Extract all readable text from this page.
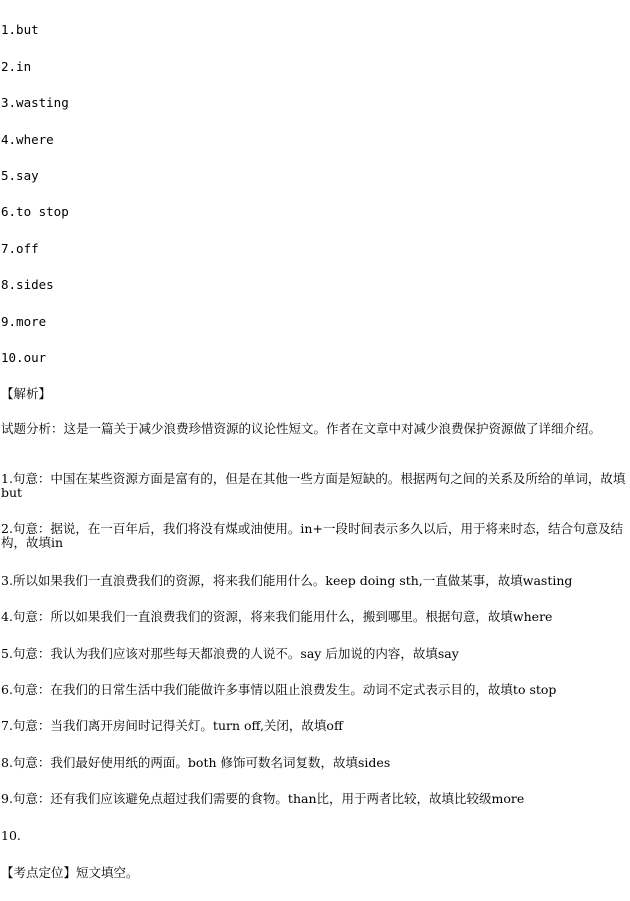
1.but
2.in
3.wasting
4.where
5.say
6.to stop
7.off
8.sides
9.more
10.our
【解析】
试题分析：这是一篇关于减少浪费珍惜资源的议论性短文。作者在文章中对减少浪费保护资源做了详细介绍。
1.句意：中国在某些资源方面是富有的，但是在其他一些方面是短缺的。根据两句之间的关系及所给的单词，故填but
2.句意：据说，在一百年后，我们将没有煤或油使用。in+一段时间表示多久以后，用于将来时态，结合句意及结构，故填in
3.所以如果我们一直浪费我们的资源，将来我们能用什么。keep doing sth,一直做某事，故填wasting
4.句意：所以如果我们一直浪费我们的资源，将来我们能用什么，搬到哪里。根据句意，故填where
5.句意：我认为我们应该对那些每天都浪费的人说不。say 后加说的内容，故填say
6.句意：在我们的日常生活中我们能做许多事情以阻止浪费发生。动词不定式表示目的，故填to stop
7.句意：当我们离开房间时记得关灯。turn off,关闭，故填off
8.句意：我们最好使用纸的两面。both 修饰可数名词复数，故填sides
9.句意：还有我们应该避免点超过我们需要的食物。than比，用于两者比较，故填比较级more
10.
【考点定位】短文填空。
